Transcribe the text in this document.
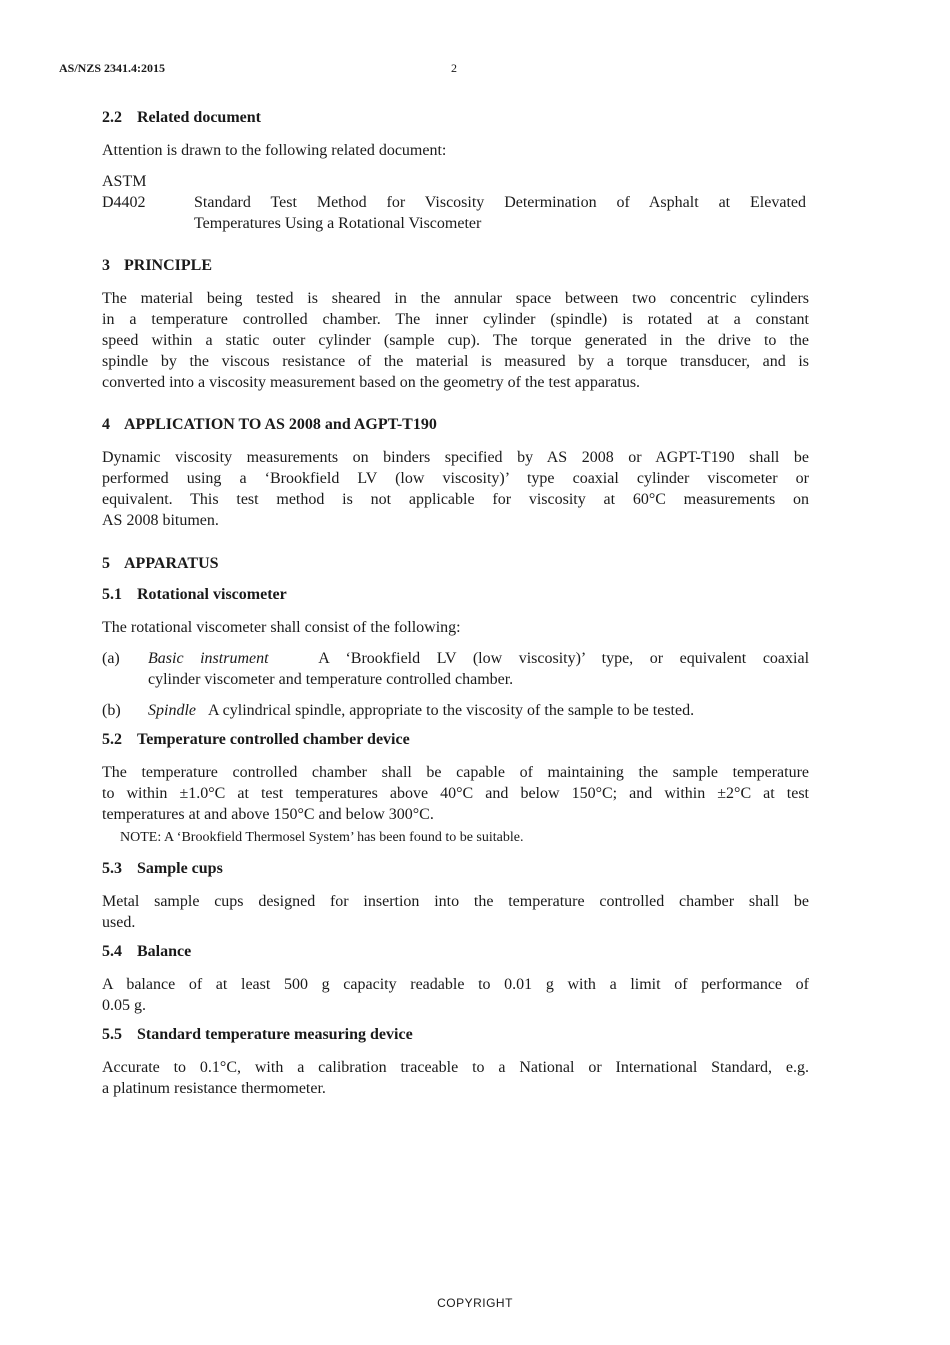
AS/NZS 2341.4:2015	2
2.2 Related document
Attention is drawn to the following related document:
ASTM
D4402	Standard Test Method for Viscosity Determination of Asphalt at Elevated
Temperatures Using a Rotational Viscometer
3 PRINCIPLE
The material being tested is sheared in the annular space between two concentric cylinders
in a temperature controlled chamber. The inner cylinder (spindle) is rotated at a constant
speed within a static outer cylinder (sample cup). The torque generated in the drive to the
spindle by the viscous resistance of the material is measured by a torque transducer, and is
converted into a viscosity measurement based on the geometry of the test apparatus.
4 APPLICATION TO AS 2008 and AGPT-T190
Dynamic viscosity measurements on binders specified by AS 2008 or AGPT-T190 shall be
performed using a ‘Brookfield LV (low viscosity)’ type coaxial cylinder viscometer or
equivalent. This test method is not applicable for viscosity at 60°C measurements on
AS 2008 bitumen.
5 APPARATUS
5.1 Rotational viscometer
The rotational viscometer shall consist of the following:
(a) Basic instrument	A ‘Brookfield LV (low viscosity)’ type, or equivalent coaxial
cylinder viscometer and temperature controlled chamber.
(b) Spindle A cylindrical spindle, appropriate to the viscosity of the sample to be tested.
5.2 Temperature controlled chamber device
The temperature controlled chamber shall be capable of maintaining the sample temperature
to within ±1.0°C at test temperatures above 40°C and below 150°C; and within ±2°C at test
temperatures at and above 150°C and below 300°C.
NOTE: A ‘Brookfield Thermosel System’ has been found to be suitable.
5.3 Sample cups
Metal sample cups designed for insertion into the temperature controlled chamber shall be
used.
5.4 Balance
A balance of at least 500 g capacity readable to 0.01 g with a limit of performance of
0.05 g.
5.5 Standard temperature measuring device
Accurate to 0.1°C, with a calibration traceable to a National or International Standard, e.g.
a platinum resistance thermometer.
COPYRIGHT
